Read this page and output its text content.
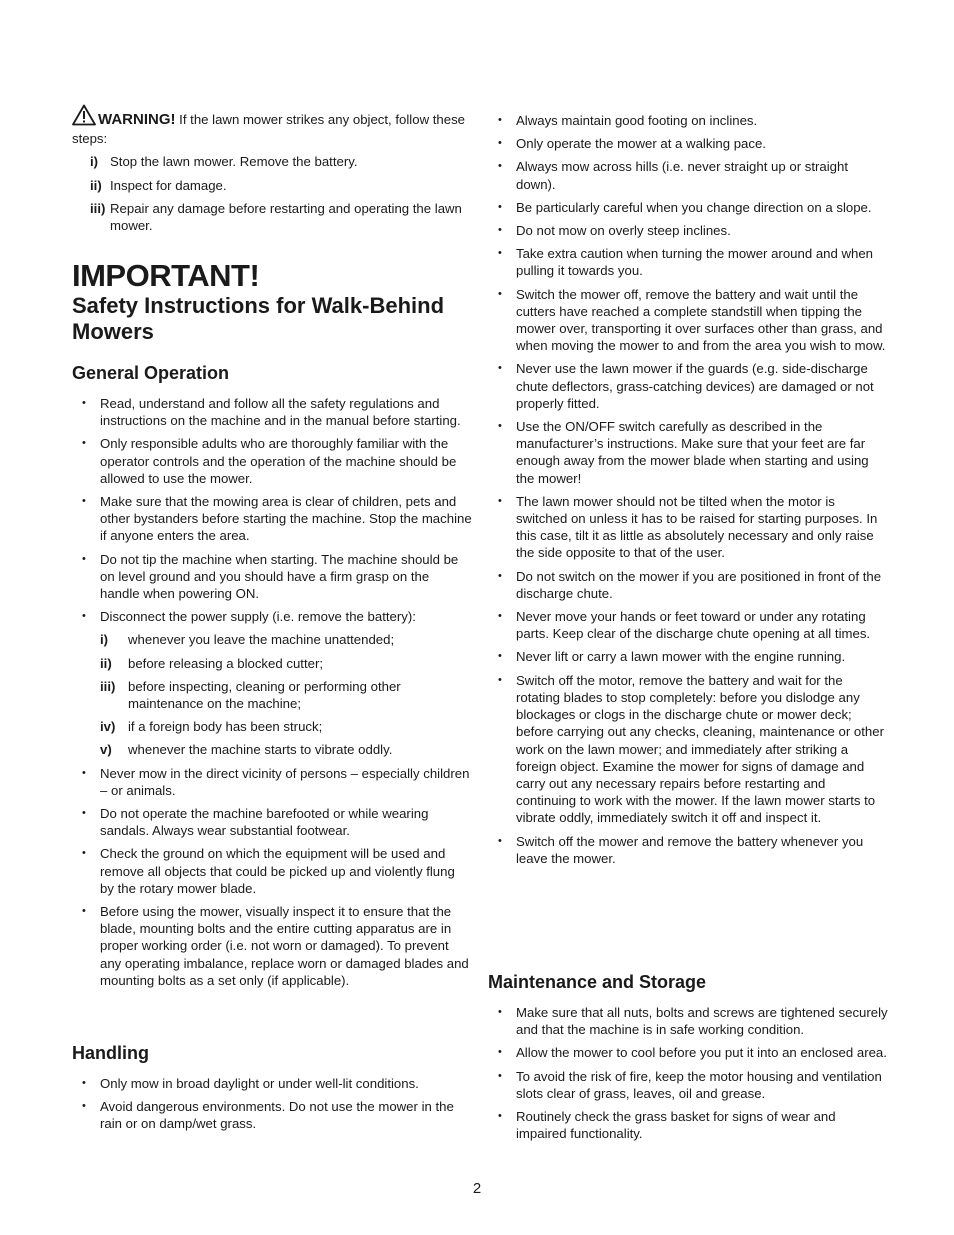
WARNING! If the lawn mower strikes any object, follow these steps:

i) Stop the lawn mower. Remove the battery.
ii) Inspect for damage.
iii) Repair any damage before restarting and operating the lawn mower.
IMPORTANT!
Safety Instructions for Walk-Behind Mowers
General Operation
• Read, understand and follow all the safety regulations and instructions on the machine and in the manual before starting.
• Only responsible adults who are thoroughly familiar with the operator controls and the operation of the machine should be allowed to use the mower.
• Make sure that the mowing area is clear of children, pets and other bystanders before starting the machine. Stop the machine if anyone enters the area.
• Do not tip the machine when starting. The machine should be on level ground and you should have a firm grasp on the handle when powering ON.
• Disconnect the power supply (i.e. remove the battery):
i)	whenever you leave the machine unattended;
ii)	before releasing a blocked cutter;
iii) before inspecting, cleaning or performing other maintenance on the machine;
iv) if a foreign body has been struck;
v)	whenever the machine starts to vibrate oddly.
• Never mow in the direct vicinity of persons – especially children – or animals.
• Do not operate the machine barefooted or while wearing sandals. Always wear substantial footwear.
• Check the ground on which the equipment will be used and remove all objects that could be picked up and violently flung by the rotary mower blade.
• Before using the mower, visually inspect it to ensure that the blade, mounting bolts and the entire cutting apparatus are in proper working order (i.e. not worn or damaged). To prevent any operating imbalance, replace worn or damaged blades and mounting bolts as a set only (if applicable).
Handling
• Only mow in broad daylight or under well-lit conditions.
• Avoid dangerous environments. Do not use the mower in the rain or on damp/wet grass.
• Always maintain good footing on inclines.
• Only operate the mower at a walking pace.
• Always mow across hills (i.e. never straight up or straight down).
• Be particularly careful when you change direction on a slope.
• Do not mow on overly steep inclines.
• Take extra caution when turning the mower around and when pulling it towards you.
• Switch the mower off, remove the battery and wait until the cutters have reached a complete standstill when tipping the mower over, transporting it over surfaces other than grass, and when moving the mower to and from the area you wish to mow.
• Never use the lawn mower if the guards (e.g. side-discharge chute deflectors, grass-catching devices) are damaged or not properly fitted.
• Use the ON/OFF switch carefully as described in the manufacturer’s instructions. Make sure that your feet are far enough away from the mower blade when starting and using the mower!
• The lawn mower should not be tilted when the motor is switched on unless it has to be raised for starting purposes. In this case, tilt it as little as absolutely necessary and only raise the side opposite to that of the user.
• Do not switch on the mower if you are positioned in front of the discharge chute.
• Never move your hands or feet toward or under any rotating parts. Keep clear of the discharge chute opening at all times.
• Never lift or carry a lawn mower with the engine running.
• Switch off the motor, remove the battery and wait for the rotating blades to stop completely: before you dislodge any blockages or clogs in the discharge chute or mower deck; before carrying out any checks, cleaning, maintenance or other work on the lawn mower; and immediately after striking a foreign object. Examine the mower for signs of damage and carry out any necessary repairs before restarting and continuing to work with the mower. If the lawn mower starts to vibrate oddly, immediately switch it off and inspect it.
• Switch off the mower and remove the battery whenever you leave the mower.
Maintenance and Storage
• Make sure that all nuts, bolts and screws are tightened securely and that the machine is in safe working condition.
• Allow the mower to cool before you put it into an enclosed area.
• To avoid the risk of fire, keep the motor housing and ventilation slots clear of grass, leaves, oil and grease.
• Routinely check the grass basket for signs of wear and impaired functionality.
2
